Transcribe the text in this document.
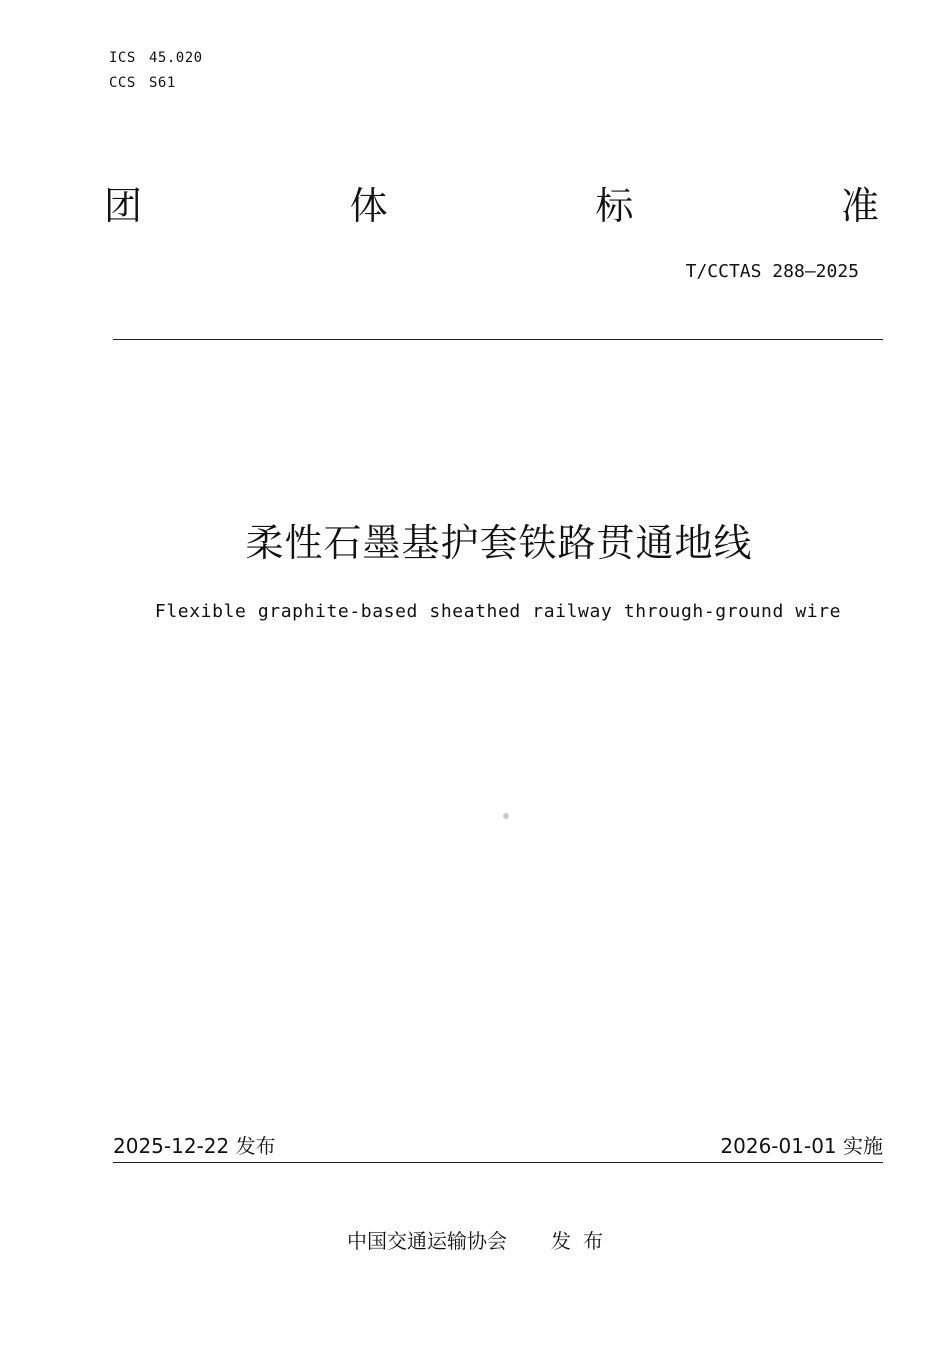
ICS 45.020
CCS S61
团	体	标	准
T/CCTAS 288—2025
柔性石墨基护套铁路贯通地线
Flexible graphite-based sheathed railway through-ground wire
2025-12-22 发布	2026-01-01 实施
中国交通运输协会 发布
